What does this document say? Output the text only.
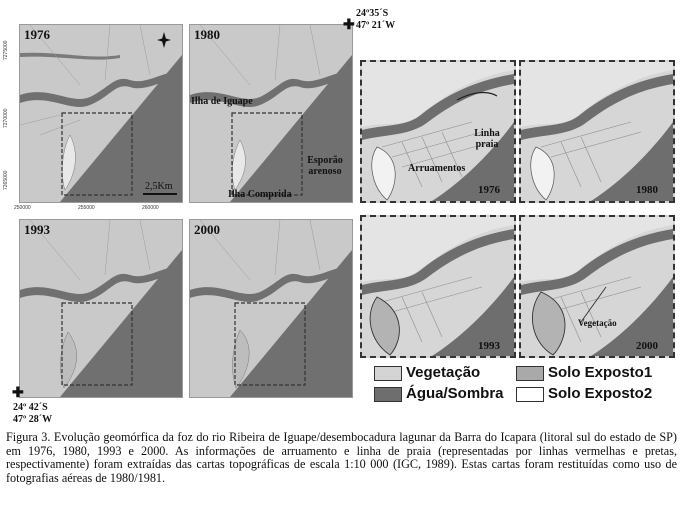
1976
7275000
7270000
7265000
250000	255000	260000
2,5Km
1980
Ilha de Iguape
Esporão arenoso
Ilha Comprida
1993	2000
✚
24º35´S
47º 21´W
✚
24º 42´S
47º 28´W
Linha praia
Arruamentos
1976	1980
1993
Vegetação
2000
Vegetação
Água/Sombra
Solo Exposto1
Solo Exposto2
Figura 3. Evolução geomórfica da foz do rio Ribeira de Iguape/desembocadura lagunar da Barra do Icapara (litoral sul do estado de SP) em 1976, 1980, 1993 e 2000. As informações de arruamento e linha de praia (representadas por linhas vermelhas e pretas, respectivamente) foram extraídas das cartas topográficas de escala 1:10 000 (IGC, 1989). Estas cartas foram restituídas como uso de fotografias aéreas de 1980/1981.
